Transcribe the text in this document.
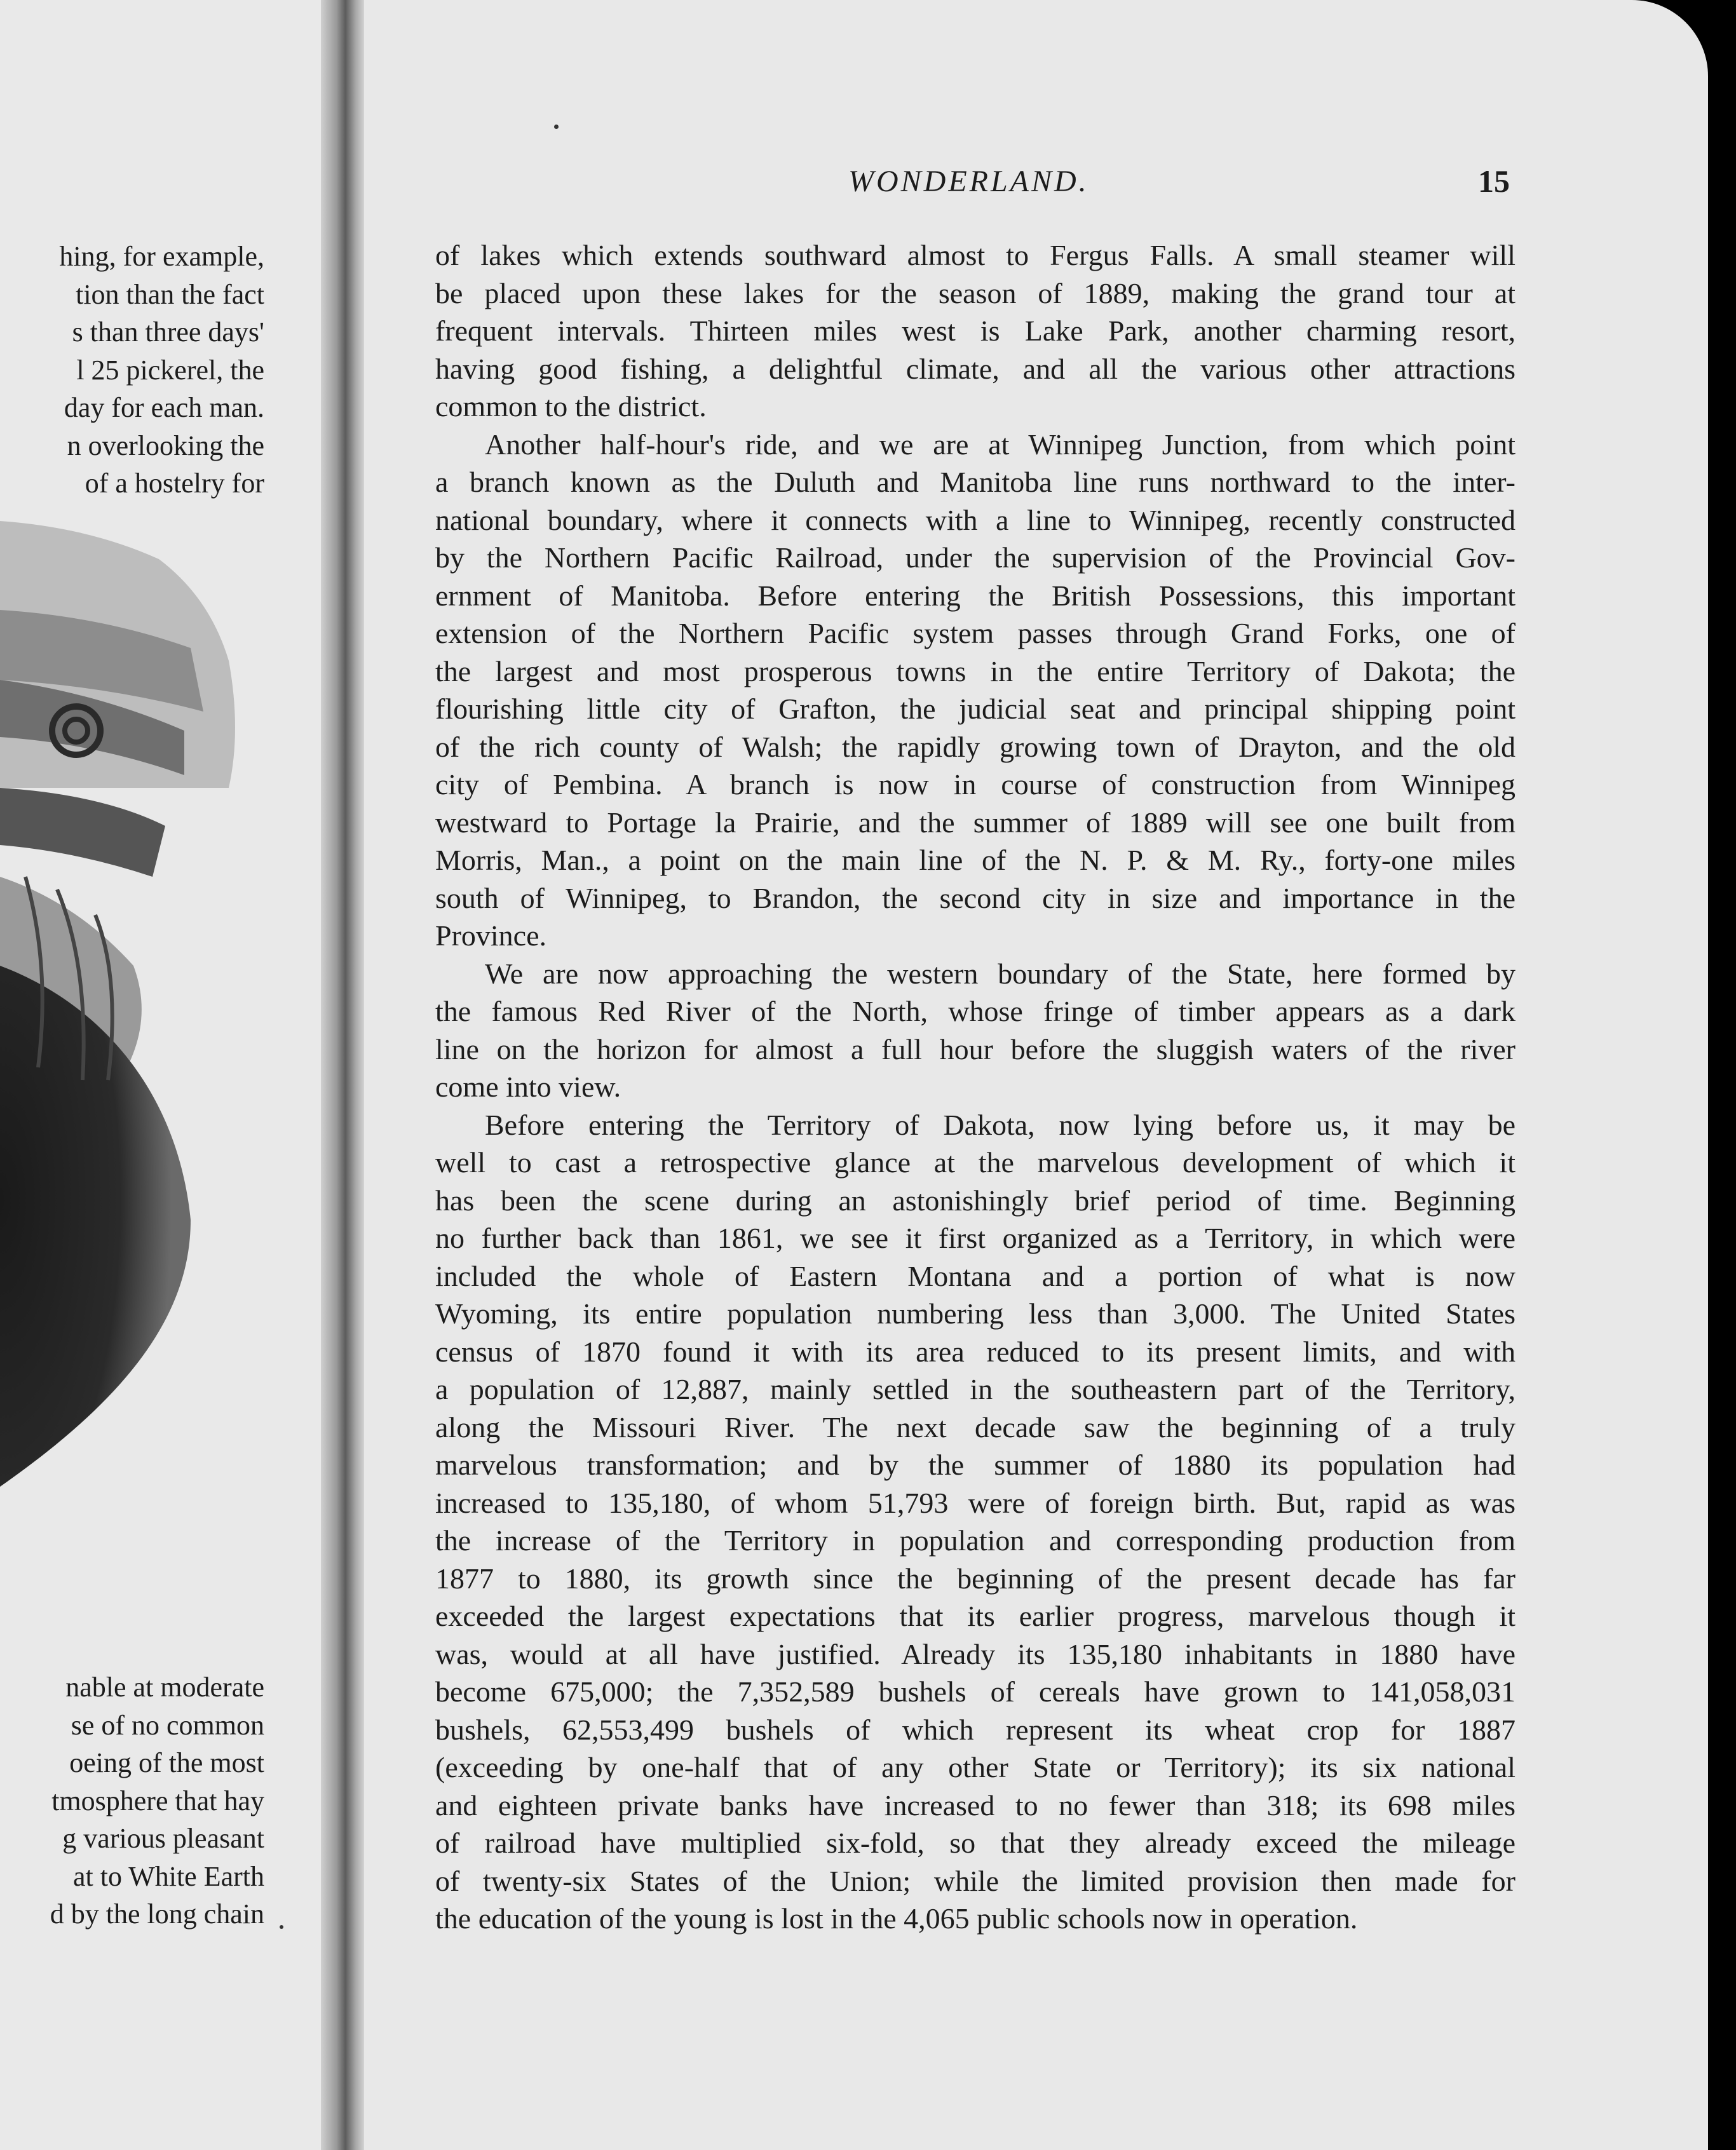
hing, for example,
tion than the fact
s than three days'
l 25 pickerel, the
day for each man.
n overlooking the
of a hostelry for
nable at moderate
se of no common
oeing of the most
tmosphere that hay
g various pleasant
at to White Earth
d by the long chain
WONDERLAND.	15
of lakes which extends southward almost to Fergus Falls. A small steamer will
be placed upon these lakes for the season of 1889, making the grand tour at
frequent intervals. Thirteen miles west is Lake Park, another charming resort,
having good fishing, a delightful climate, and all the various other attractions
common to the district.
Another half-hour's ride, and we are at Winnipeg Junction, from which point
a branch known as the Duluth and Manitoba line runs northward to the inter-
national boundary, where it connects with a line to Winnipeg, recently constructed
by the Northern Pacific Railroad, under the supervision of the Provincial Gov-
ernment of Manitoba. Before entering the British Possessions, this important
extension of the Northern Pacific system passes through Grand Forks, one of
the largest and most prosperous towns in the entire Territory of Dakota; the
flourishing little city of Grafton, the judicial seat and principal shipping point
of the rich county of Walsh; the rapidly growing town of Drayton, and the old
city of Pembina. A branch is now in course of construction from Winnipeg
westward to Portage la Prairie, and the summer of 1889 will see one built from
Morris, Man., a point on the main line of the N. P. & M. Ry., forty-one miles
south of Winnipeg, to Brandon, the second city in size and importance in the
Province.
We are now approaching the western boundary of the State, here formed by
the famous Red River of the North, whose fringe of timber appears as a dark
line on the horizon for almost a full hour before the sluggish waters of the river
come into view.
Before entering the Territory of Dakota, now lying before us, it may be
well to cast a retrospective glance at the marvelous development of which it
has been the scene during an astonishingly brief period of time. Beginning
no further back than 1861, we see it first organized as a Territory, in which were
included the whole of Eastern Montana and a portion of what is now
Wyoming, its entire population numbering less than 3,000. The United States
census of 1870 found it with its area reduced to its present limits, and with
a population of 12,887, mainly settled in the southeastern part of the Territory,
along the Missouri River. The next decade saw the beginning of a truly
marvelous transformation; and by the summer of 1880 its population had
increased to 135,180, of whom 51,793 were of foreign birth. But, rapid as was
the increase of the Territory in population and corresponding production from
1877 to 1880, its growth since the beginning of the present decade has far
exceeded the largest expectations that its earlier progress, marvelous though it
was, would at all have justified. Already its 135,180 inhabitants in 1880 have
become 675,000; the 7,352,589 bushels of cereals have grown to 141,058,031
bushels, 62,553,499 bushels of which represent its wheat crop for 1887
(exceeding by one-half that of any other State or Territory); its six national
and eighteen private banks have increased to no fewer than 318; its 698 miles
of railroad have multiplied six-fold, so that they already exceed the mileage
of twenty-six States of the Union; while the limited provision then made for
the education of the young is lost in the 4,065 public schools now in operation.
